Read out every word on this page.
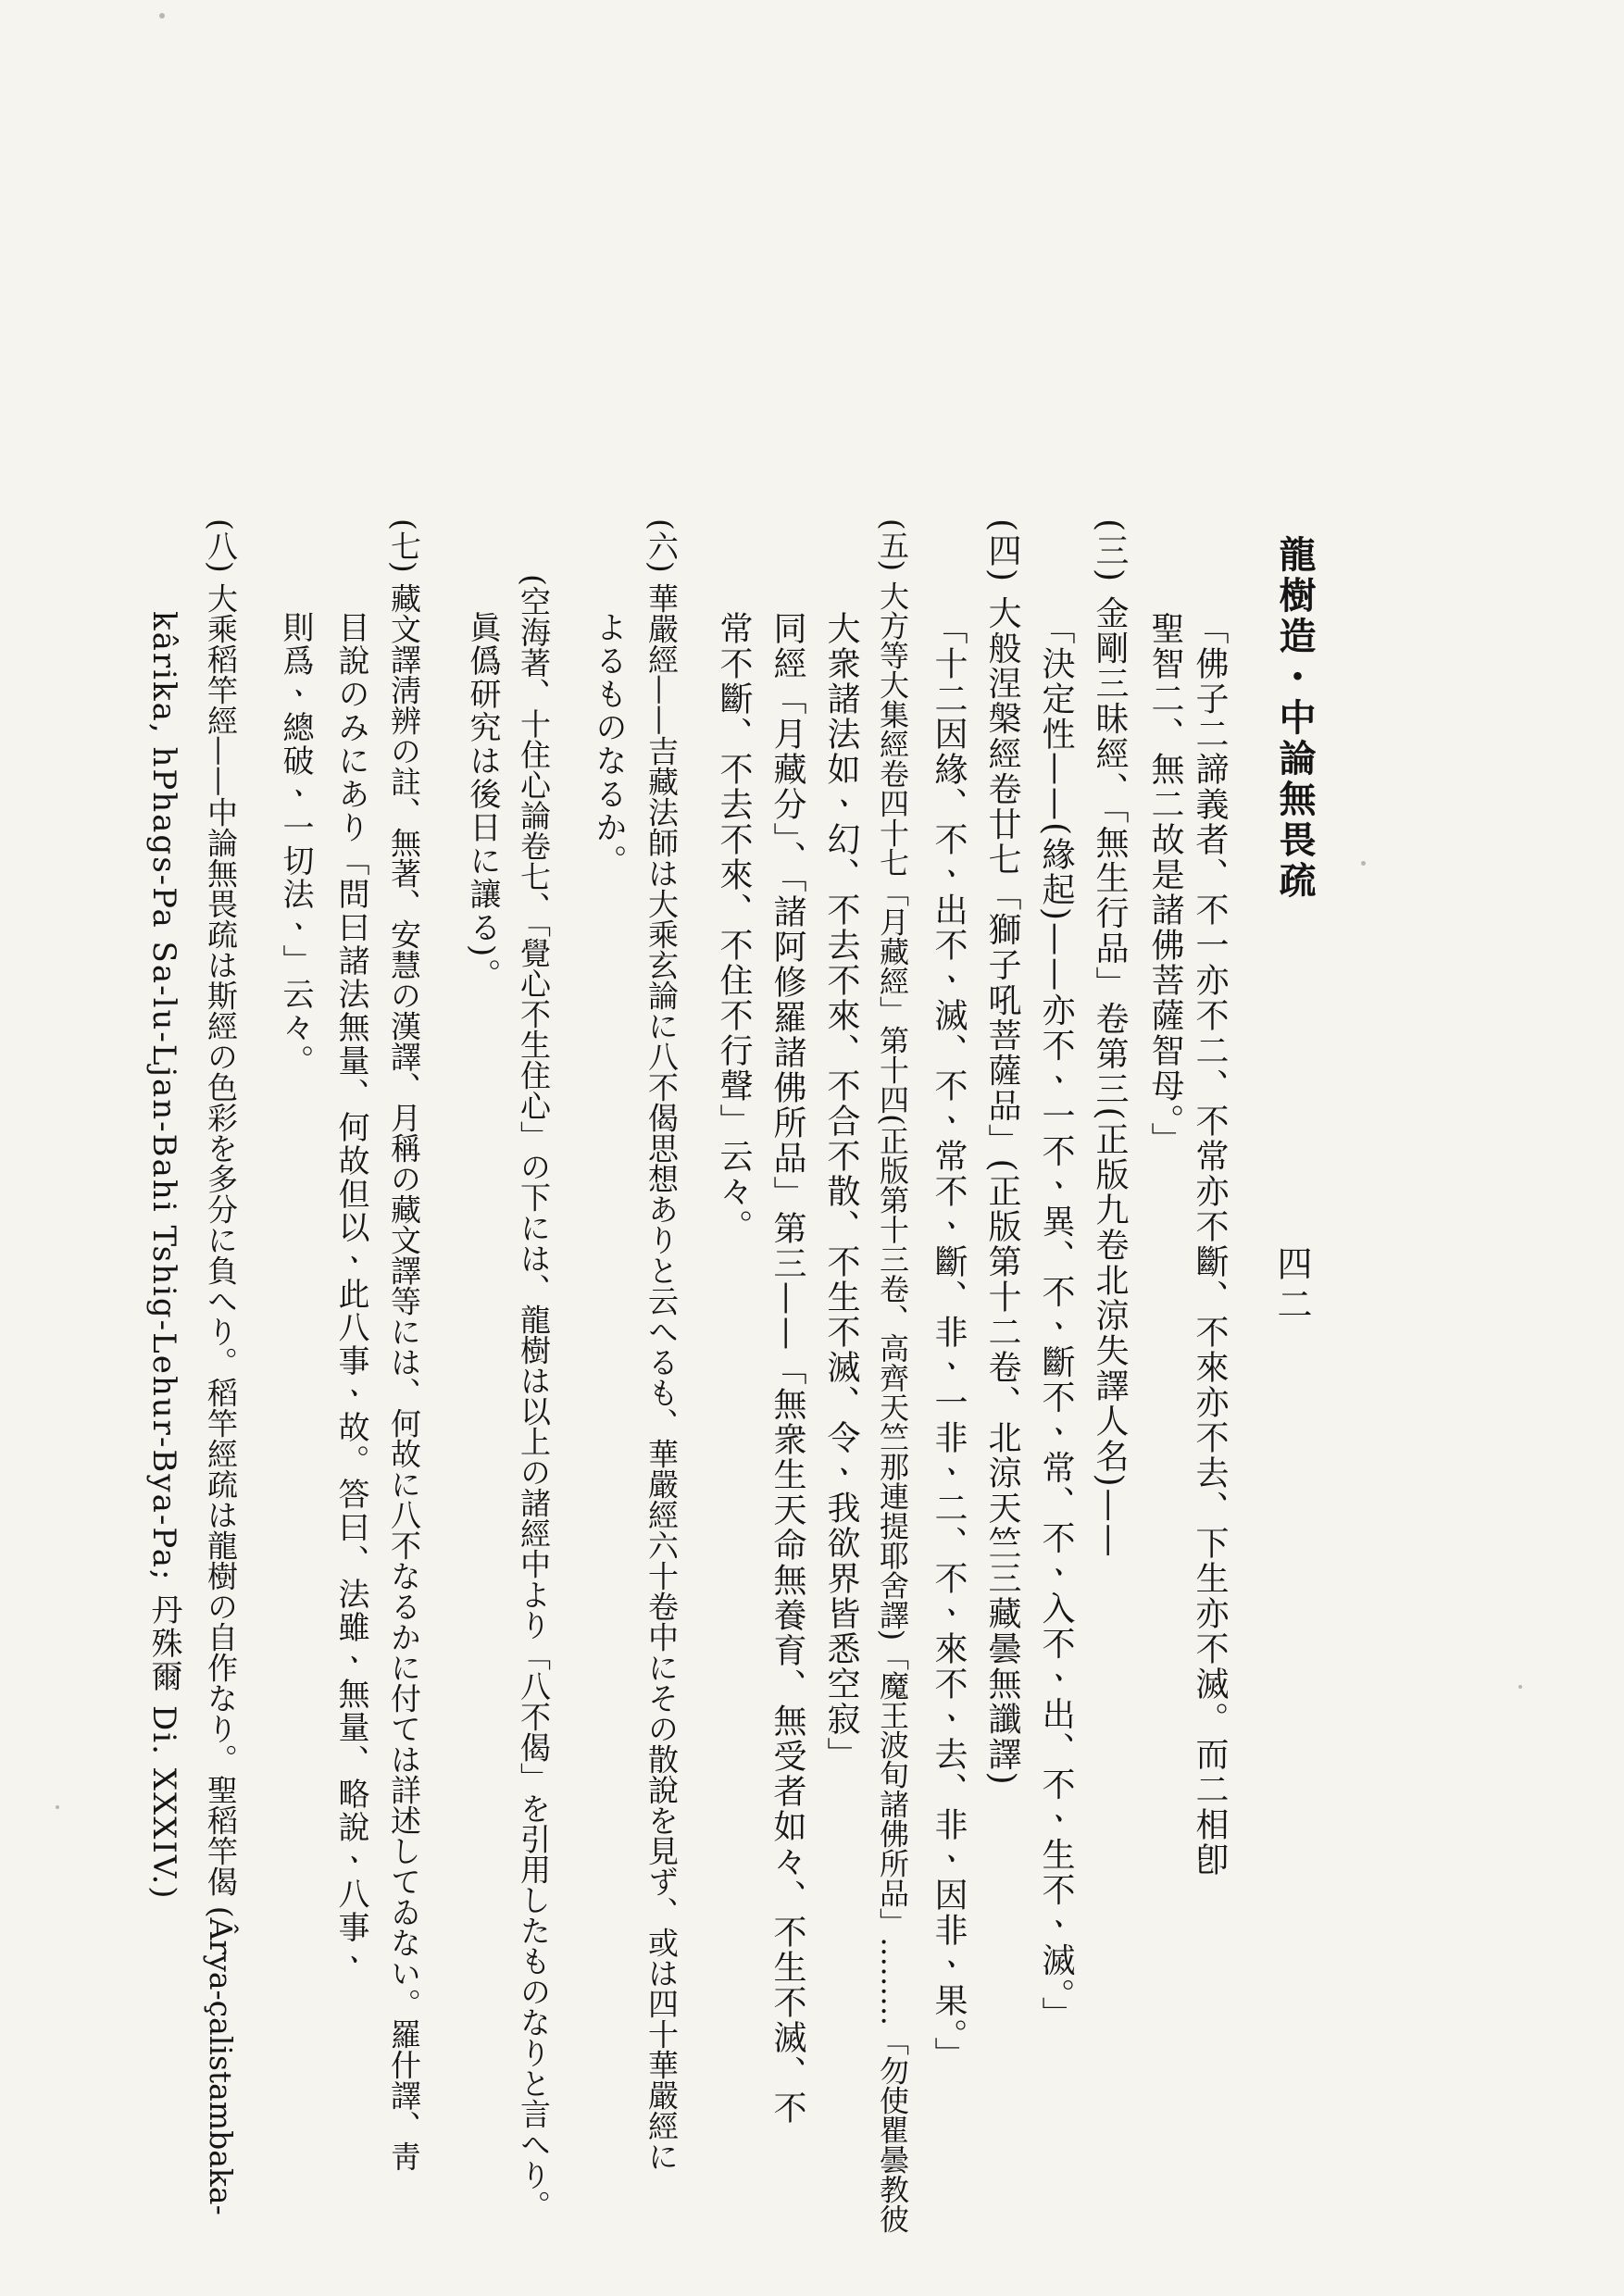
龍樹造・中論無畏疏
四二
「佛子二諦義者、不一亦不二、不常亦不斷、不來亦不去、下生亦不滅。而二相卽
聖智二、無二故是諸佛菩薩智母。」
(三) 金剛三昧經、「無生行品」卷第三(正版九卷北涼失譯人名)——
「決定性——(緣起)——亦不ㆍ一不ㆍ異、不ㆍ斷不ㆍ常、不ㆍ入不ㆍ出、不ㆍ生不ㆍ滅。」
(四) 大般涅槃經卷廿七「獅子吼菩薩品」(正版第十二卷、北涼天竺三藏曇無讖譯)
「十二因緣、不ㆍ出不ㆍ滅、不ㆍ常不ㆍ斷、非ㆍ一非ㆍ二、不ㆍ來不ㆍ去、非ㆍ因非ㆍ果。」
(五) 大方等大集經卷四十七「月藏經」第十四(正版第十三卷、高齊天竺那連提耶舍譯)「魔王波旬諸佛所品」………「勿使瞿曇教彼
大衆諸法如ㆍ幻、不去不來、不合不散、不生不滅、令ㆍ我欲界皆悉空寂」
同經「月藏分」、「諸阿修羅諸佛所品」第三——「無衆生天命無養育、無受者如々、不生不滅、不
常不斷、不去不來、不住不行聲」云々。
(六) 華嚴經——吉藏法師は大乘玄論に八不偈思想ありと云へるも、華嚴經六十卷中にその散說を見ず、或は四十華嚴經に
よるものなるか。
(空海著、十住心論卷七、「覺心不生住心」の下には、龍樹は以上の諸經中より「八不偈」を引用したものなりと言へり。
眞僞研究は後日に讓る)。
(七) 藏文譯淸辨の註、無著、安慧の漢譯、月稱の藏文譯等には、何故に八不なるかに付ては詳述してゐない。羅什譯、靑
目說のみにあり「問曰諸法無量、何故但以ㆍ此八事ㆍ故。答曰、法雖ㆍ無量、略說ㆍ八事ㆍ
則爲ㆍ總破ㆍ一切法ㆍ」云々。
(八) 大乘稻竿經——中論無畏疏は斯經の色彩を多分に負へり。稻竿經疏は龍樹の自作なり。聖稻竿偈 (Ârya-çalistambaka-
kârika, hPhags-Pa Sa-lu-Ljan-Bahi Tshig-Lehur-Bya-Pa; 丹殊爾 Di. XXXIV.)
